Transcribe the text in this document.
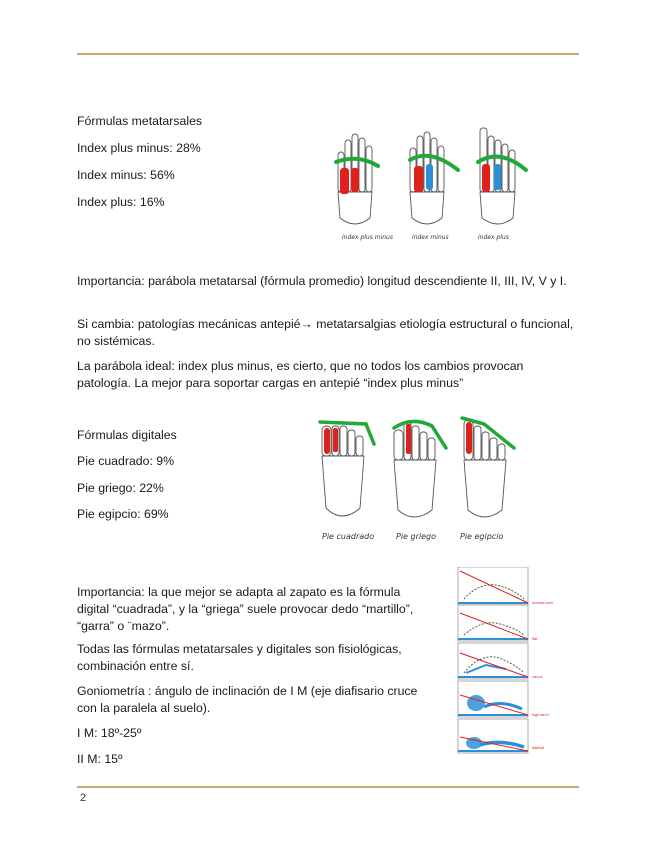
Fórmulas metatarsales

Index plus minus: 28%

Index minus: 56%

Index plus: 16%

index plus minus	index minus	index plus

Importancia: parábola metatarsal (fórmula promedio) longitud descendiente II, III, IV, V y I.

Si cambia: patologías mecánicas antepié→ metatarsalgias etiología estructural o funcional, no sistémicas.

La parábola ideal: index plus minus, es cierto, que no todos los cambios provocan patología. La mejor para soportar cargas en antepié “index plus minus”

Fórmulas digitales

Pie cuadrado: 9%

Pie griego: 22%

Pie egipcio: 69%

Pie cuadrado	Pie griego	Pie egipcio

Importancia: la que mejor se adapta al zapato es la fórmula digital “cuadrada”, y la “griega” suele provocar dedo “martillo”, “garra” o ¨mazo”.

Todas las fórmulas metatarsales y digitales son fisiológicas, combinación entre sí.

Goniometría : ángulo de inclinación de I M (eje diafisario cruce con la paralela al suelo).

I M: 18º-25º

II M: 15º

normal-arch
flat
cavus
high-arch
flatfoot
2
